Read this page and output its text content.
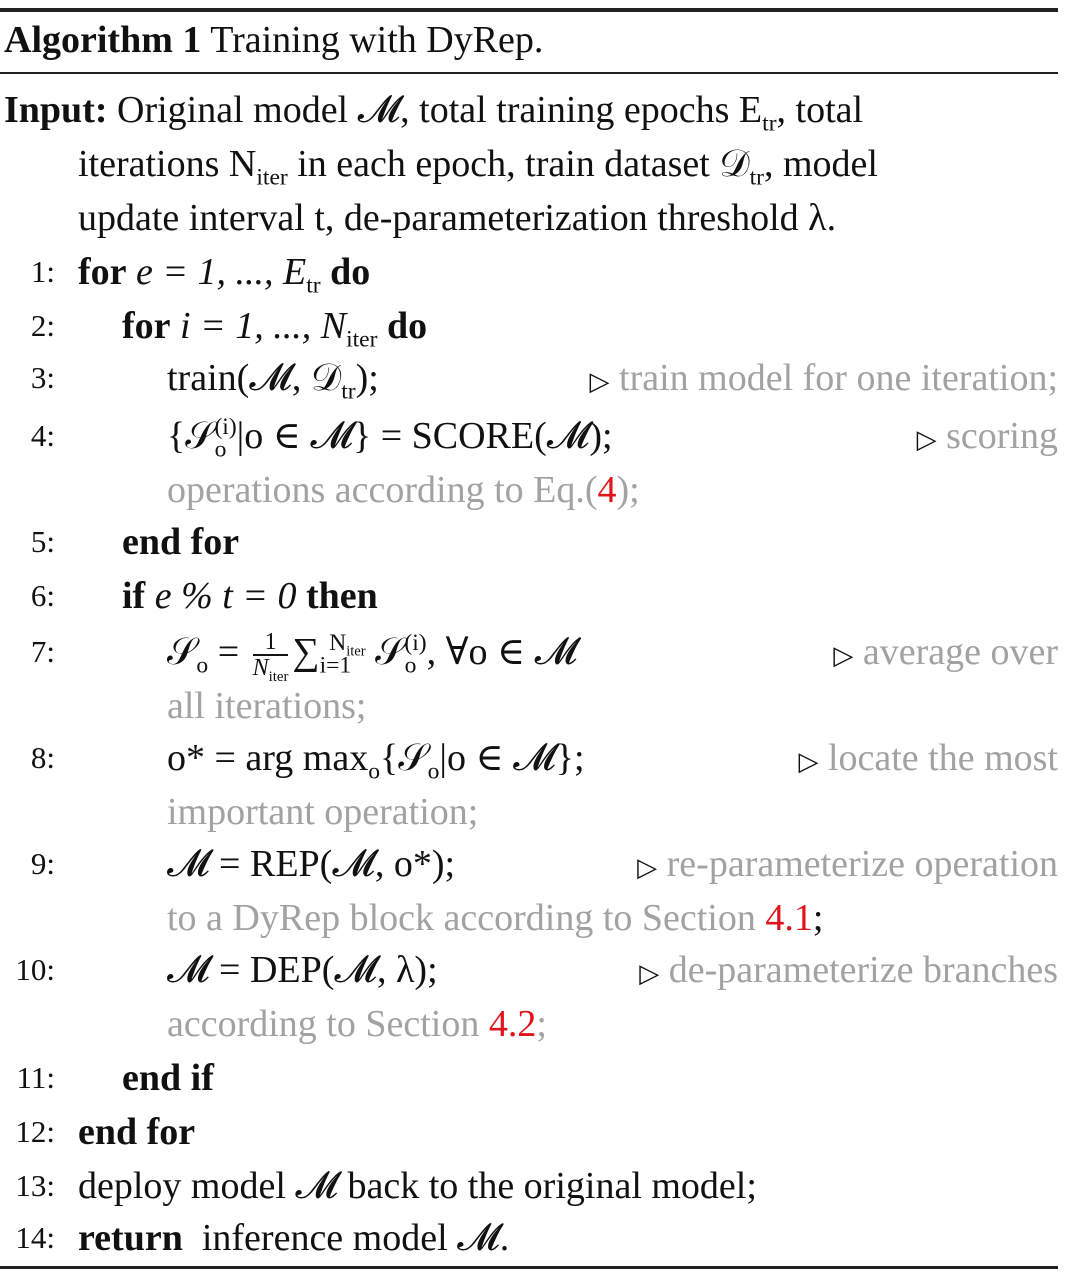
Algorithm 1 Training with DyRep.
Input: Original model 𝓜, total training epochs $E_{tr}$, total
iterations $N_{iter}$ in each epoch, train dataset 𝒟$_{tr}$, model
update interval t, de-parameterization threshold λ.
1: for e = 1, ..., $E_{tr}$ do
2: for i = 1, ..., $N_{iter}$ do
3:	train(𝓜, 𝒟$_{tr}$);	▷ train model for one iteration;
4:	{𝒮$_o^{(i)}$|o ∈ 𝓜} = SCORE(𝓜);	▷ scoring
operations according to Eq.(4);
5: end for
6: if e % t = 0 then
7:	𝒮$_o$ = $\frac{1}{N_{iter}} \sum_{i=1}^{N_{iter}}$ 𝒮$_o^{(i)}$, ∀o ∈ 𝓜	▷ average over
all iterations;
8:	o* = arg $\max_o\{𝒮_o|o$ ∈ 𝓜};	▷ locate the most
important operation;
9:	𝓜 = REP(𝓜, o*);	▷ re-parameterize operation
to a DyRep block according to Section 4.1;
10:	𝓜 = DEP(𝓜, λ);	▷ de-parameterize branches
according to Section 4.2;
11: end if
12: end for
13: deploy model 𝓜 back to the original model;
14: return  inference model 𝓜.
